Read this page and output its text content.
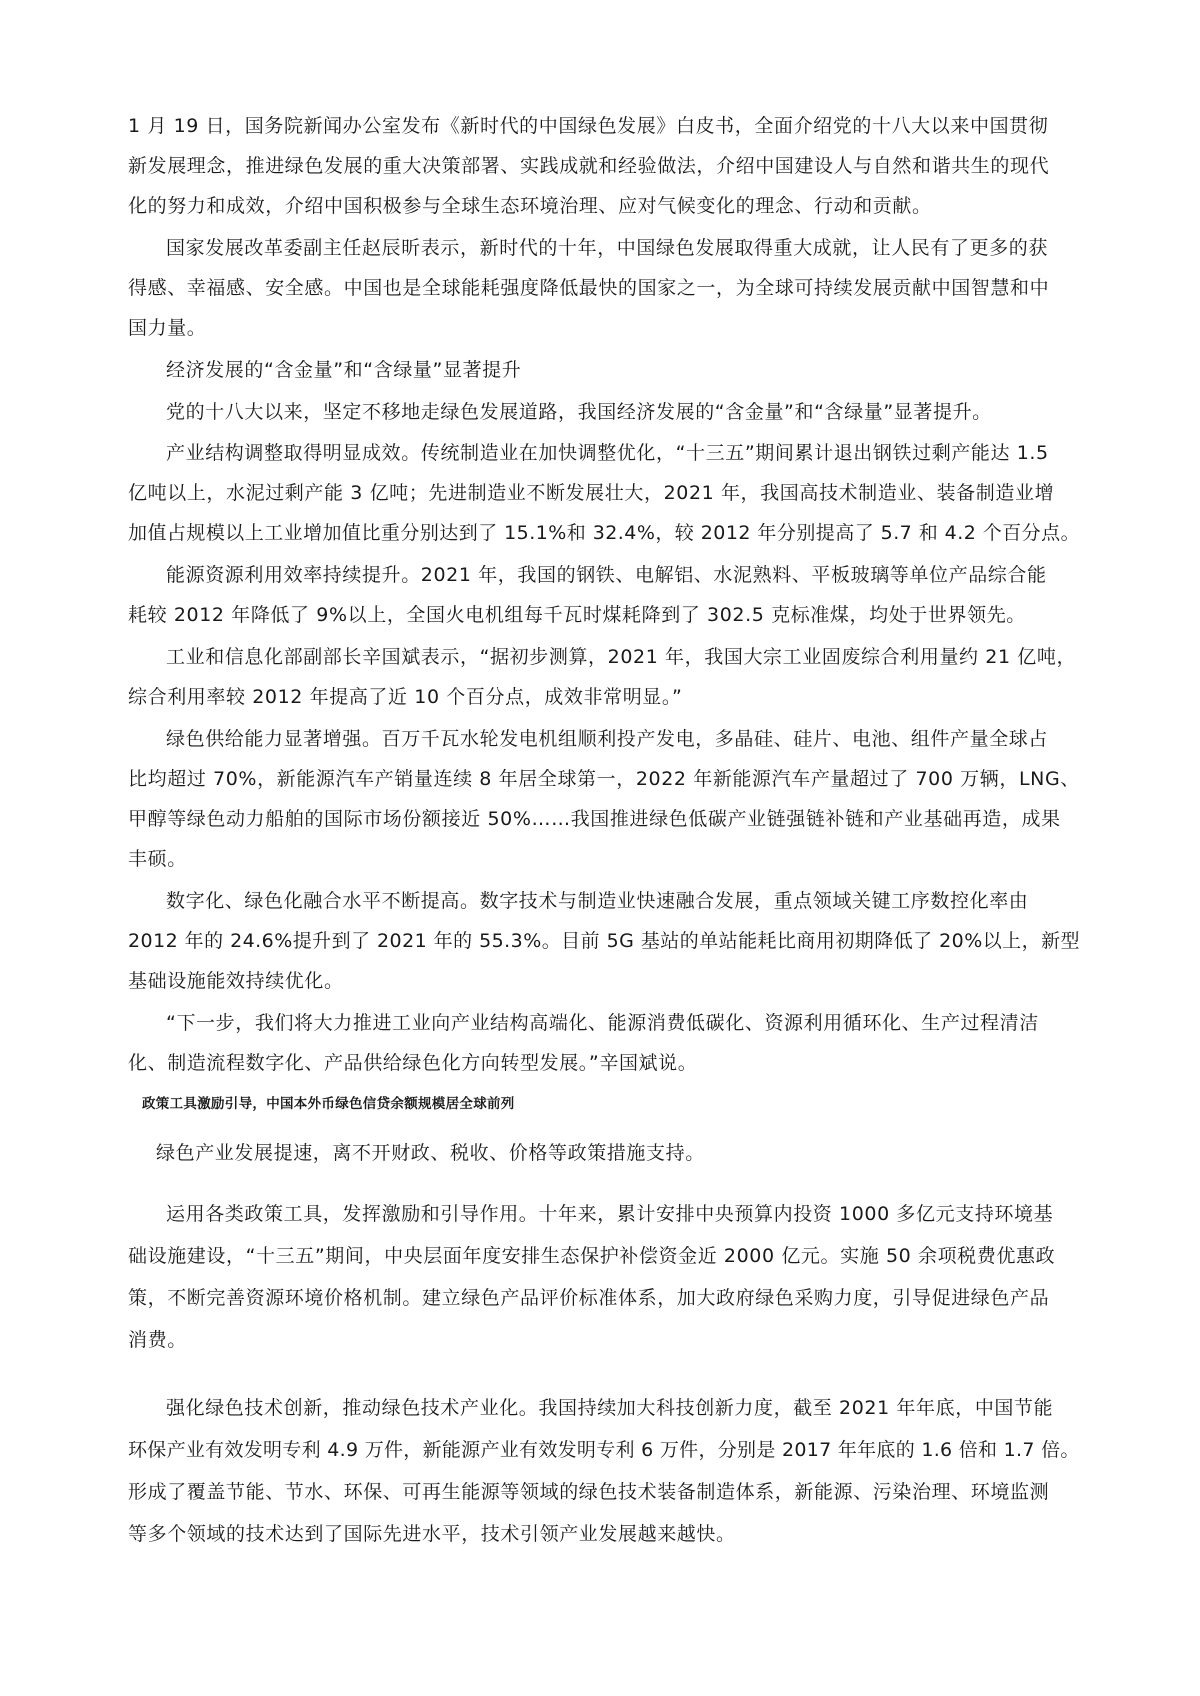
1 月 19 日，国务院新闻办公室发布《新时代的中国绿色发展》白皮书，全面介绍党的十八大以来中国贯彻
新发展理念，推进绿色发展的重大决策部署、实践成就和经验做法，介绍中国建设人与自然和谐共生的现代
化的努力和成效，介绍中国积极参与全球生态环境治理、应对气候变化的理念、行动和贡献。
国家发展改革委副主任赵辰昕表示，新时代的十年，中国绿色发展取得重大成就，让人民有了更多的获
得感、幸福感、安全感。中国也是全球能耗强度降低最快的国家之一，为全球可持续发展贡献中国智慧和中
国力量。
经济发展的“含金量”和“含绿量”显著提升
党的十八大以来，坚定不移地走绿色发展道路，我国经济发展的“含金量”和“含绿量”显著提升。
产业结构调整取得明显成效。传统制造业在加快调整优化，“十三五”期间累计退出钢铁过剩产能达 1.5
亿吨以上，水泥过剩产能 3 亿吨；先进制造业不断发展壮大，2021 年，我国高技术制造业、装备制造业增
加值占规模以上工业增加值比重分别达到了 15.1%和 32.4%，较 2012 年分别提高了 5.7 和 4.2 个百分点。
能源资源利用效率持续提升。2021 年，我国的钢铁、电解铝、水泥熟料、平板玻璃等单位产品综合能
耗较 2012 年降低了 9%以上，全国火电机组每千瓦时煤耗降到了 302.5 克标准煤，均处于世界领先。
工业和信息化部副部长辛国斌表示，“据初步测算，2021 年，我国大宗工业固废综合利用量约 21 亿吨，
综合利用率较 2012 年提高了近 10 个百分点，成效非常明显。”
绿色供给能力显著增强。百万千瓦水轮发电机组顺利投产发电，多晶硅、硅片、电池、组件产量全球占
比均超过 70%，新能源汽车产销量连续 8 年居全球第一，2022 年新能源汽车产量超过了 700 万辆，LNG、
甲醇等绿色动力船舶的国际市场份额接近 50%……我国推进绿色低碳产业链强链补链和产业基础再造，成果
丰硕。
数字化、绿色化融合水平不断提高。数字技术与制造业快速融合发展，重点领域关键工序数控化率由
2012 年的 24.6%提升到了 2021 年的 55.3%。目前 5G 基站的单站能耗比商用初期降低了 20%以上，新型
基础设施能效持续优化。
“下一步，我们将大力推进工业向产业结构高端化、能源消费低碳化、资源利用循环化、生产过程清洁
化、制造流程数字化、产品供给绿色化方向转型发展。”辛国斌说。
政策工具激励引导，中国本外币绿色信贷余额规模居全球前列
绿色产业发展提速，离不开财政、税收、价格等政策措施支持。
运用各类政策工具，发挥激励和引导作用。十年来，累计安排中央预算内投资 1000 多亿元支持环境基
础设施建设，“十三五”期间，中央层面年度安排生态保护补偿资金近 2000 亿元。实施 50 余项税费优惠政
策，不断完善资源环境价格机制。建立绿色产品评价标准体系，加大政府绿色采购力度，引导促进绿色产品
消费。
强化绿色技术创新，推动绿色技术产业化。我国持续加大科技创新力度，截至 2021 年年底，中国节能
环保产业有效发明专利 4.9 万件，新能源产业有效发明专利 6 万件，分别是 2017 年年底的 1.6 倍和 1.7 倍。
形成了覆盖节能、节水、环保、可再生能源等领域的绿色技术装备制造体系，新能源、污染治理、环境监测
等多个领域的技术达到了国际先进水平，技术引领产业发展越来越快。
